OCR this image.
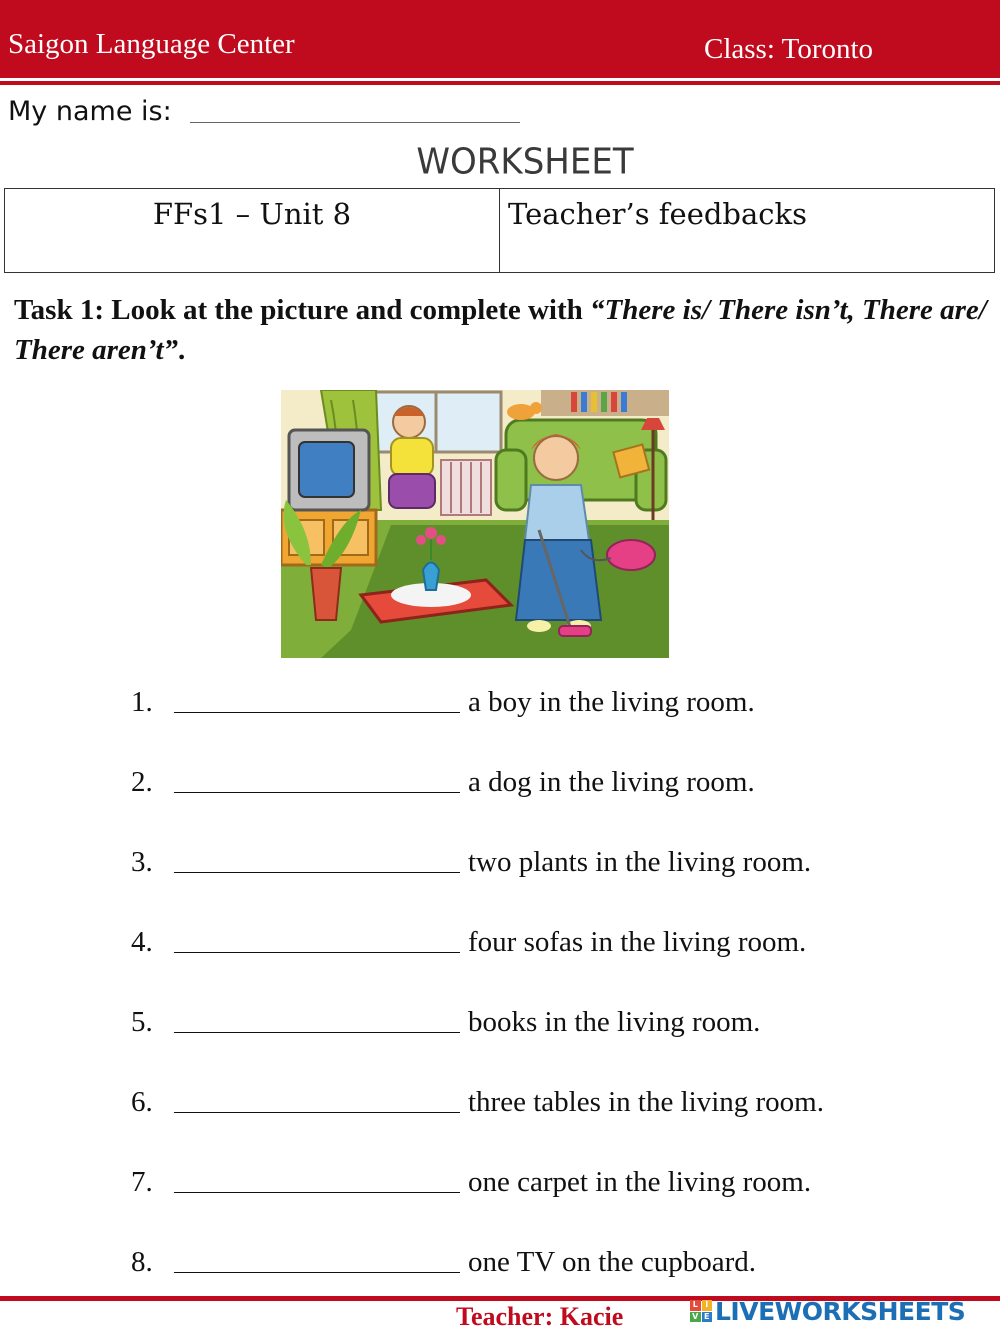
Saigon Language Center	Class: Toronto
My name is:
WORKSHEET
FFs1 – Unit 8	Teacher’s feedbacks
Task 1: Look at the picture and complete with “There is/ There isn’t, There are/ There aren’t”.
1.	a boy in the living room.
2.	a dog in the living room.
3.	two plants in the living room.
4.	four sofas in the living room.
5.	books in the living room.
6.	three tables in the living room.
7.	one carpet in the living room.
8.	one TV on the cupboard.
Teacher: Kacie	L I
V E LIVEWORKSHEETS
